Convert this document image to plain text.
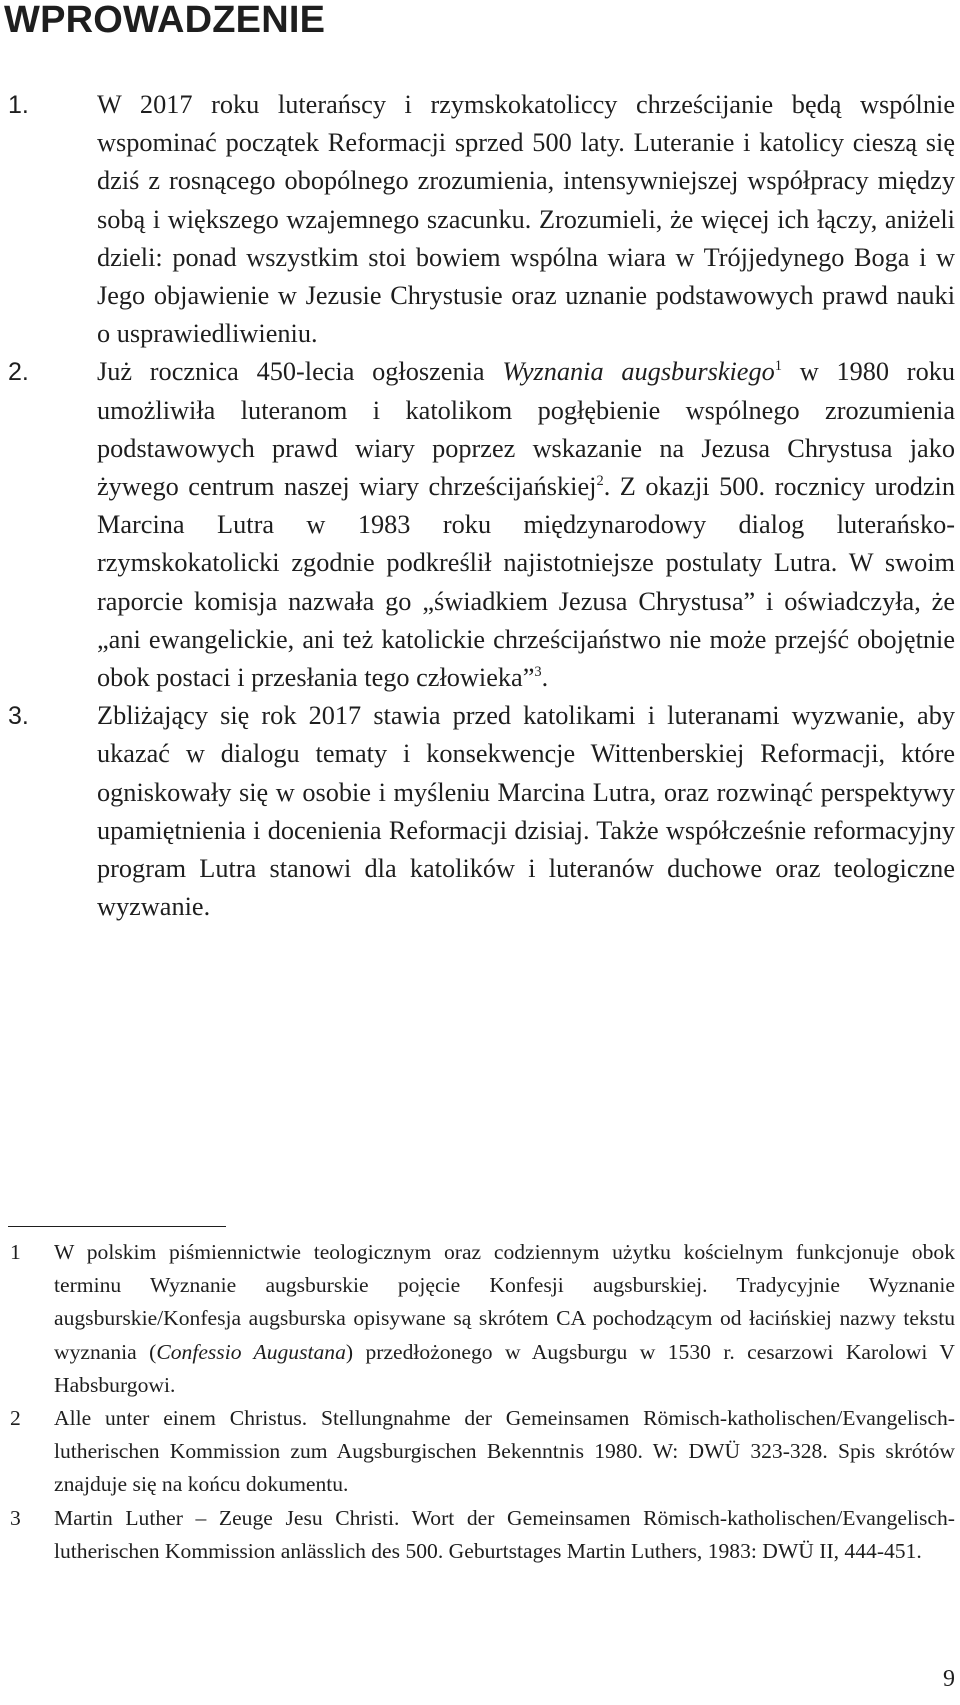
WPROWADZENIE
1.	W 2017 roku luterańscy i rzymskokatoliccy chrześcijanie będą wspólnie wspominać początek Reformacji sprzed 500 laty. Luteranie i katolicy cieszą się dziś z rosnącego obopólnego zrozumienia, intensywniejszej współpracy między sobą i większego wzajemnego szacunku. Zrozumieli, że więcej ich łączy, aniżeli dzieli: ponad wszystkim stoi bowiem wspólna wiara w Trójjedynego Boga i w Jego objawienie w Jezusie Chrystusie oraz uznanie podstawowych prawd nauki o usprawiedliwieniu.
2.	Już rocznica 450-lecia ogłoszenia Wyznania augsburskiego$^1$ w 1980 roku umożliwiła luteranom i katolikom pogłębienie wspólnego zrozumienia podstawowych prawd wiary poprzez wskazanie na Jezusa Chrystusa jako żywego centrum naszej wiary chrześcijańskiej$^2$. Z okazji 500. rocznicy urodzin Marcina Lutra w 1983 roku międzynarodowy dialog luterańsko-rzymskokatolicki zgodnie podkreślił najistotniejsze postulaty Lutra. W swoim raporcie komisja nazwała go „świadkiem Jezusa Chrystusa” i oświadczyła, że „ani ewangelickie, ani też katolickie chrześcijaństwo nie może przejść obojętnie obok postaci i przesłania tego człowieka”$^3$.
3.	Zbliżający się rok 2017 stawia przed katolikami i luteranami wyzwanie, aby ukazać w dialogu tematy i konsekwencje Wittenberskiej Reformacji, które ogniskowały się w osobie i myśleniu Marcina Lutra, oraz rozwinąć perspektywy upamiętnienia i docenienia Reformacji dzisiaj. Także współcześnie reformacyjny program Lutra stanowi dla katolików i luteranów duchowe oraz teologiczne wyzwanie.
1 W polskim piśmiennictwie teologicznym oraz codziennym użytku kościelnym funkcjonuje obok terminu Wyznanie augsburskie pojęcie Konfesji augsburskiej. Tradycyjnie Wyznanie augsburskie/Konfesja augsburska opisywane są skrótem CA pochodzącym od łacińskiej nazwy tekstu wyznania (Confessio Augustana) przedłożonego w Augsburgu w 1530 r. cesarzowi Karolowi V Habsburgowi.
2 Alle unter einem Christus. Stellungnahme der Gemeinsamen Römisch-katholischen/Evangelisch-lutherischen Kommission zum Augsburgischen Bekenntnis 1980. W: DWÜ 323-328. Spis skrótów znajduje się na końcu dokumentu.
3 Martin Luther – Zeuge Jesu Christi. Wort der Gemeinsamen Römisch-katholischen/Evangelisch-lutherischen Kommission anlässlich des 500. Geburtstages Martin Luthers, 1983: DWÜ II, 444-451.
9
